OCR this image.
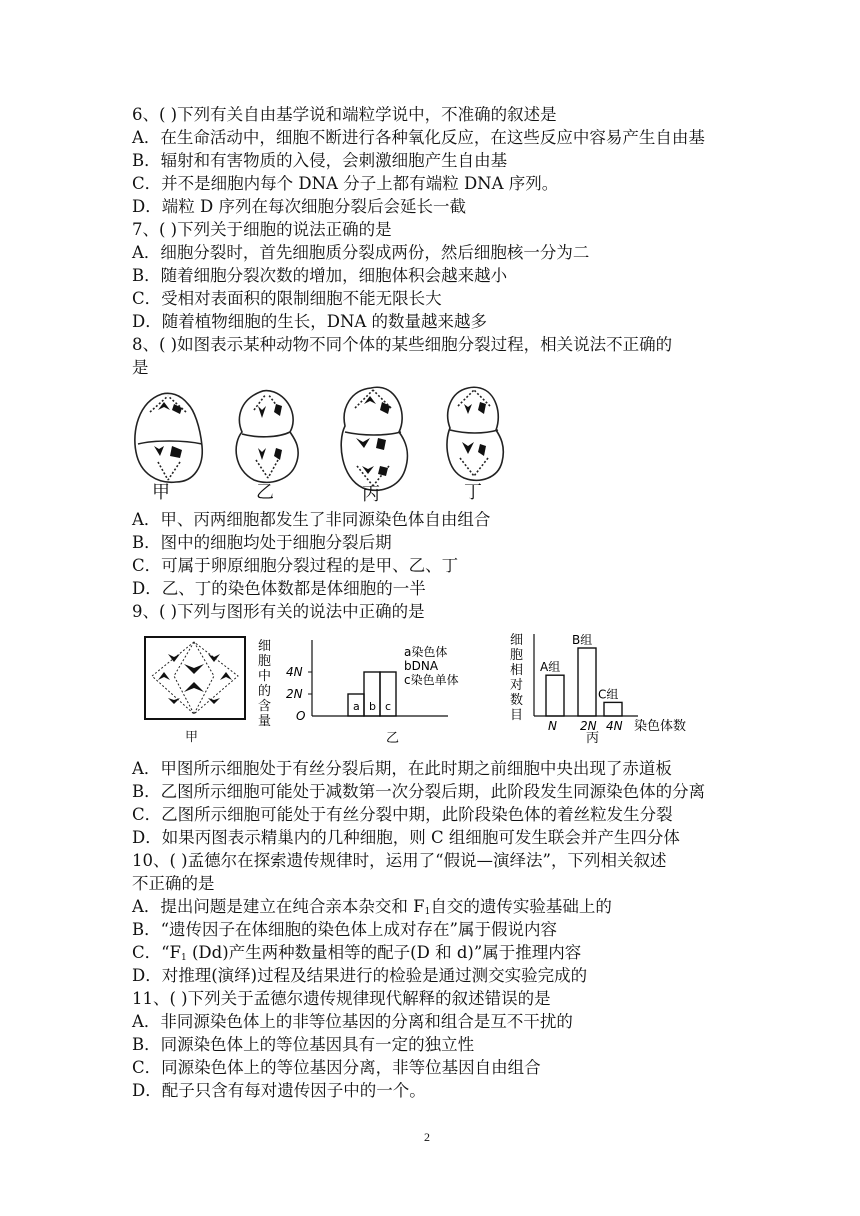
6、( )下列有关自由基学说和端粒学说中，不准确的叙述是
A．在生命活动中，细胞不断进行各种氧化反应，在这些反应中容易产生自由基
B．辐射和有害物质的入侵，会刺激细胞产生自由基
C．并不是细胞内每个 DNA 分子上都有端粒 DNA 序列。
D．端粒 D 序列在每次细胞分裂后会延长一截
7、( )下列关于细胞的说法正确的是
A．细胞分裂时，首先细胞质分裂成两份，然后细胞核一分为二
B．随着细胞分裂次数的增加，细胞体积会越来越小
C．受相对表面积的限制细胞不能无限长大
D．随着植物细胞的生长，DNA 的数量越来越多
8、( )如图表示某种动物不同个体的某些细胞分裂过程，相关说法不正确的
是
甲	乙	丙	丁
A．甲、丙两细胞都发生了非同源染色体自由组合
B．图中的细胞均处于细胞分裂后期
C．可属于卵原细胞分裂过程的是甲、乙、丁
D．乙、丁的染色体数都是体细胞的一半
9、( )下列与图形有关的说法中正确的是
甲
细
胞
中
的
含
量
4N
2N
O
a b c
a染色体
bDNA
c染色单体
乙
细
胞
相
对
数
目
A组
N
B组
2N
C组
4N 染色体数
丙
A．甲图所示细胞处于有丝分裂后期，在此时期之前细胞中央出现了赤道板
B．乙图所示细胞可能处于减数第一次分裂后期，此阶段发生同源染色体的分离
C．乙图所示细胞可能处于有丝分裂中期，此阶段染色体的着丝粒发生分裂
D．如果丙图表示精巢内的几种细胞，则 C 组细胞可发生联会并产生四分体
10、( )孟德尔在探索遗传规律时，运用了“假说—演绎法”，下列相关叙述
不正确的是
A．提出问题是建立在纯合亲本杂交和 $F_1$自交的遗传实验基础上的
B．“遗传因子在体细胞的染色体上成对存在”属于假说内容
C．“$F_1$ (Dd)产生两种数量相等的配子(D 和 d)”属于推理内容
D．对推理(演绎)过程及结果进行的检验是通过测交实验完成的
11、( )下列关于孟德尔遗传规律现代解释的叙述错误的是
A．非同源染色体上的非等位基因的分离和组合是互不干扰的
B．同源染色体上的等位基因具有一定的独立性
C．同源染色体上的等位基因分离，非等位基因自由组合
D．配子只含有每对遗传因子中的一个。
2
